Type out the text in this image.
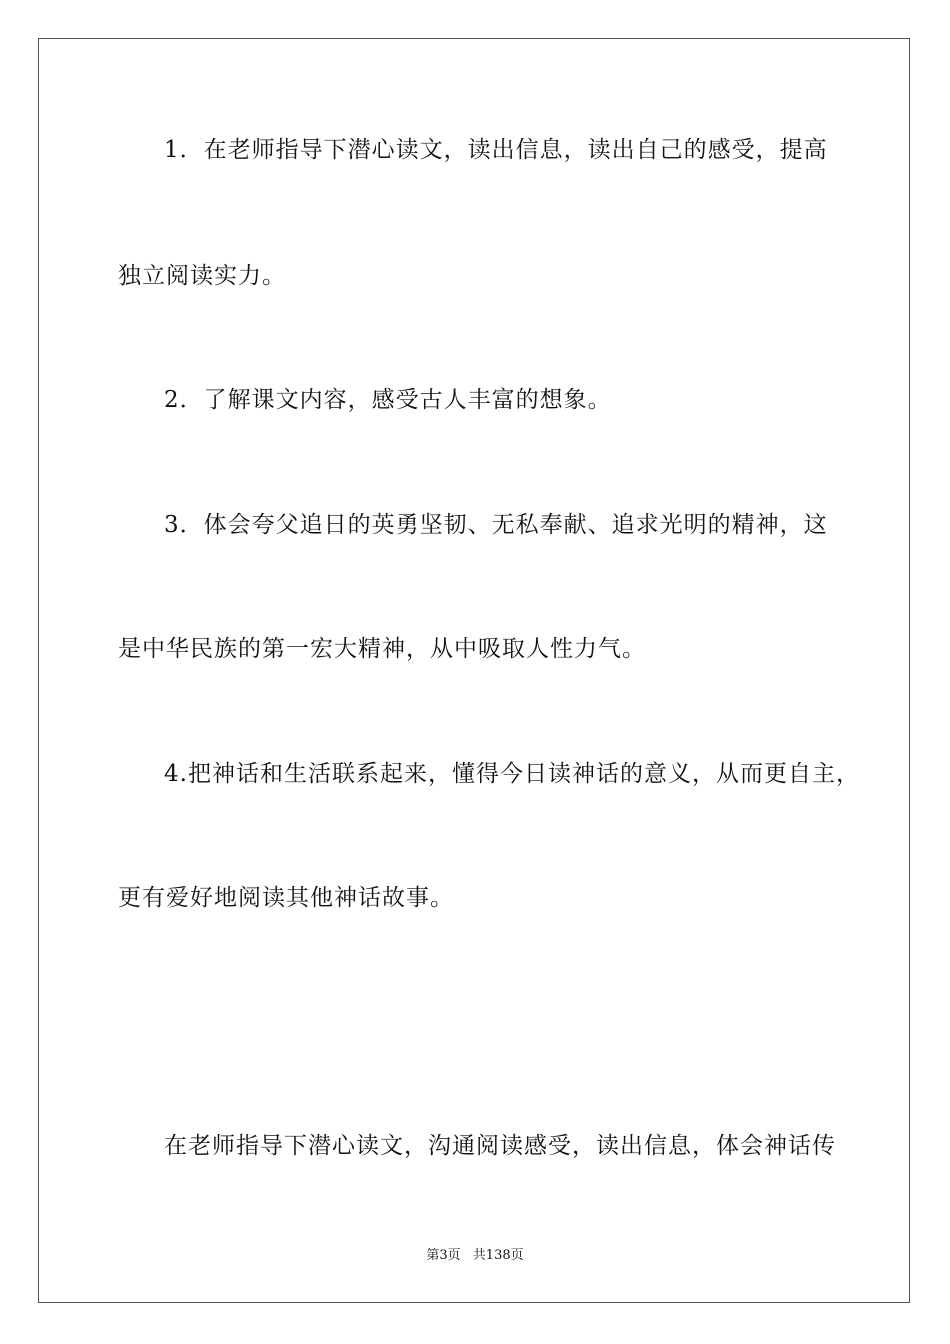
1．在老师指导下潜心读文，读出信息，读出自己的感受，提高
独立阅读实力。
2．了解课文内容，感受古人丰富的想象。
3．体会夸父追日的英勇坚韧、无私奉献、追求光明的精神，这
是中华民族的第一宏大精神，从中吸取人性力气。
4.把神话和生活联系起来，懂得今日读神话的意义，从而更自主，
更有爱好地阅读其他神话故事。
在老师指导下潜心读文，沟通阅读感受，读出信息，体会神话传
第3页 共138页
